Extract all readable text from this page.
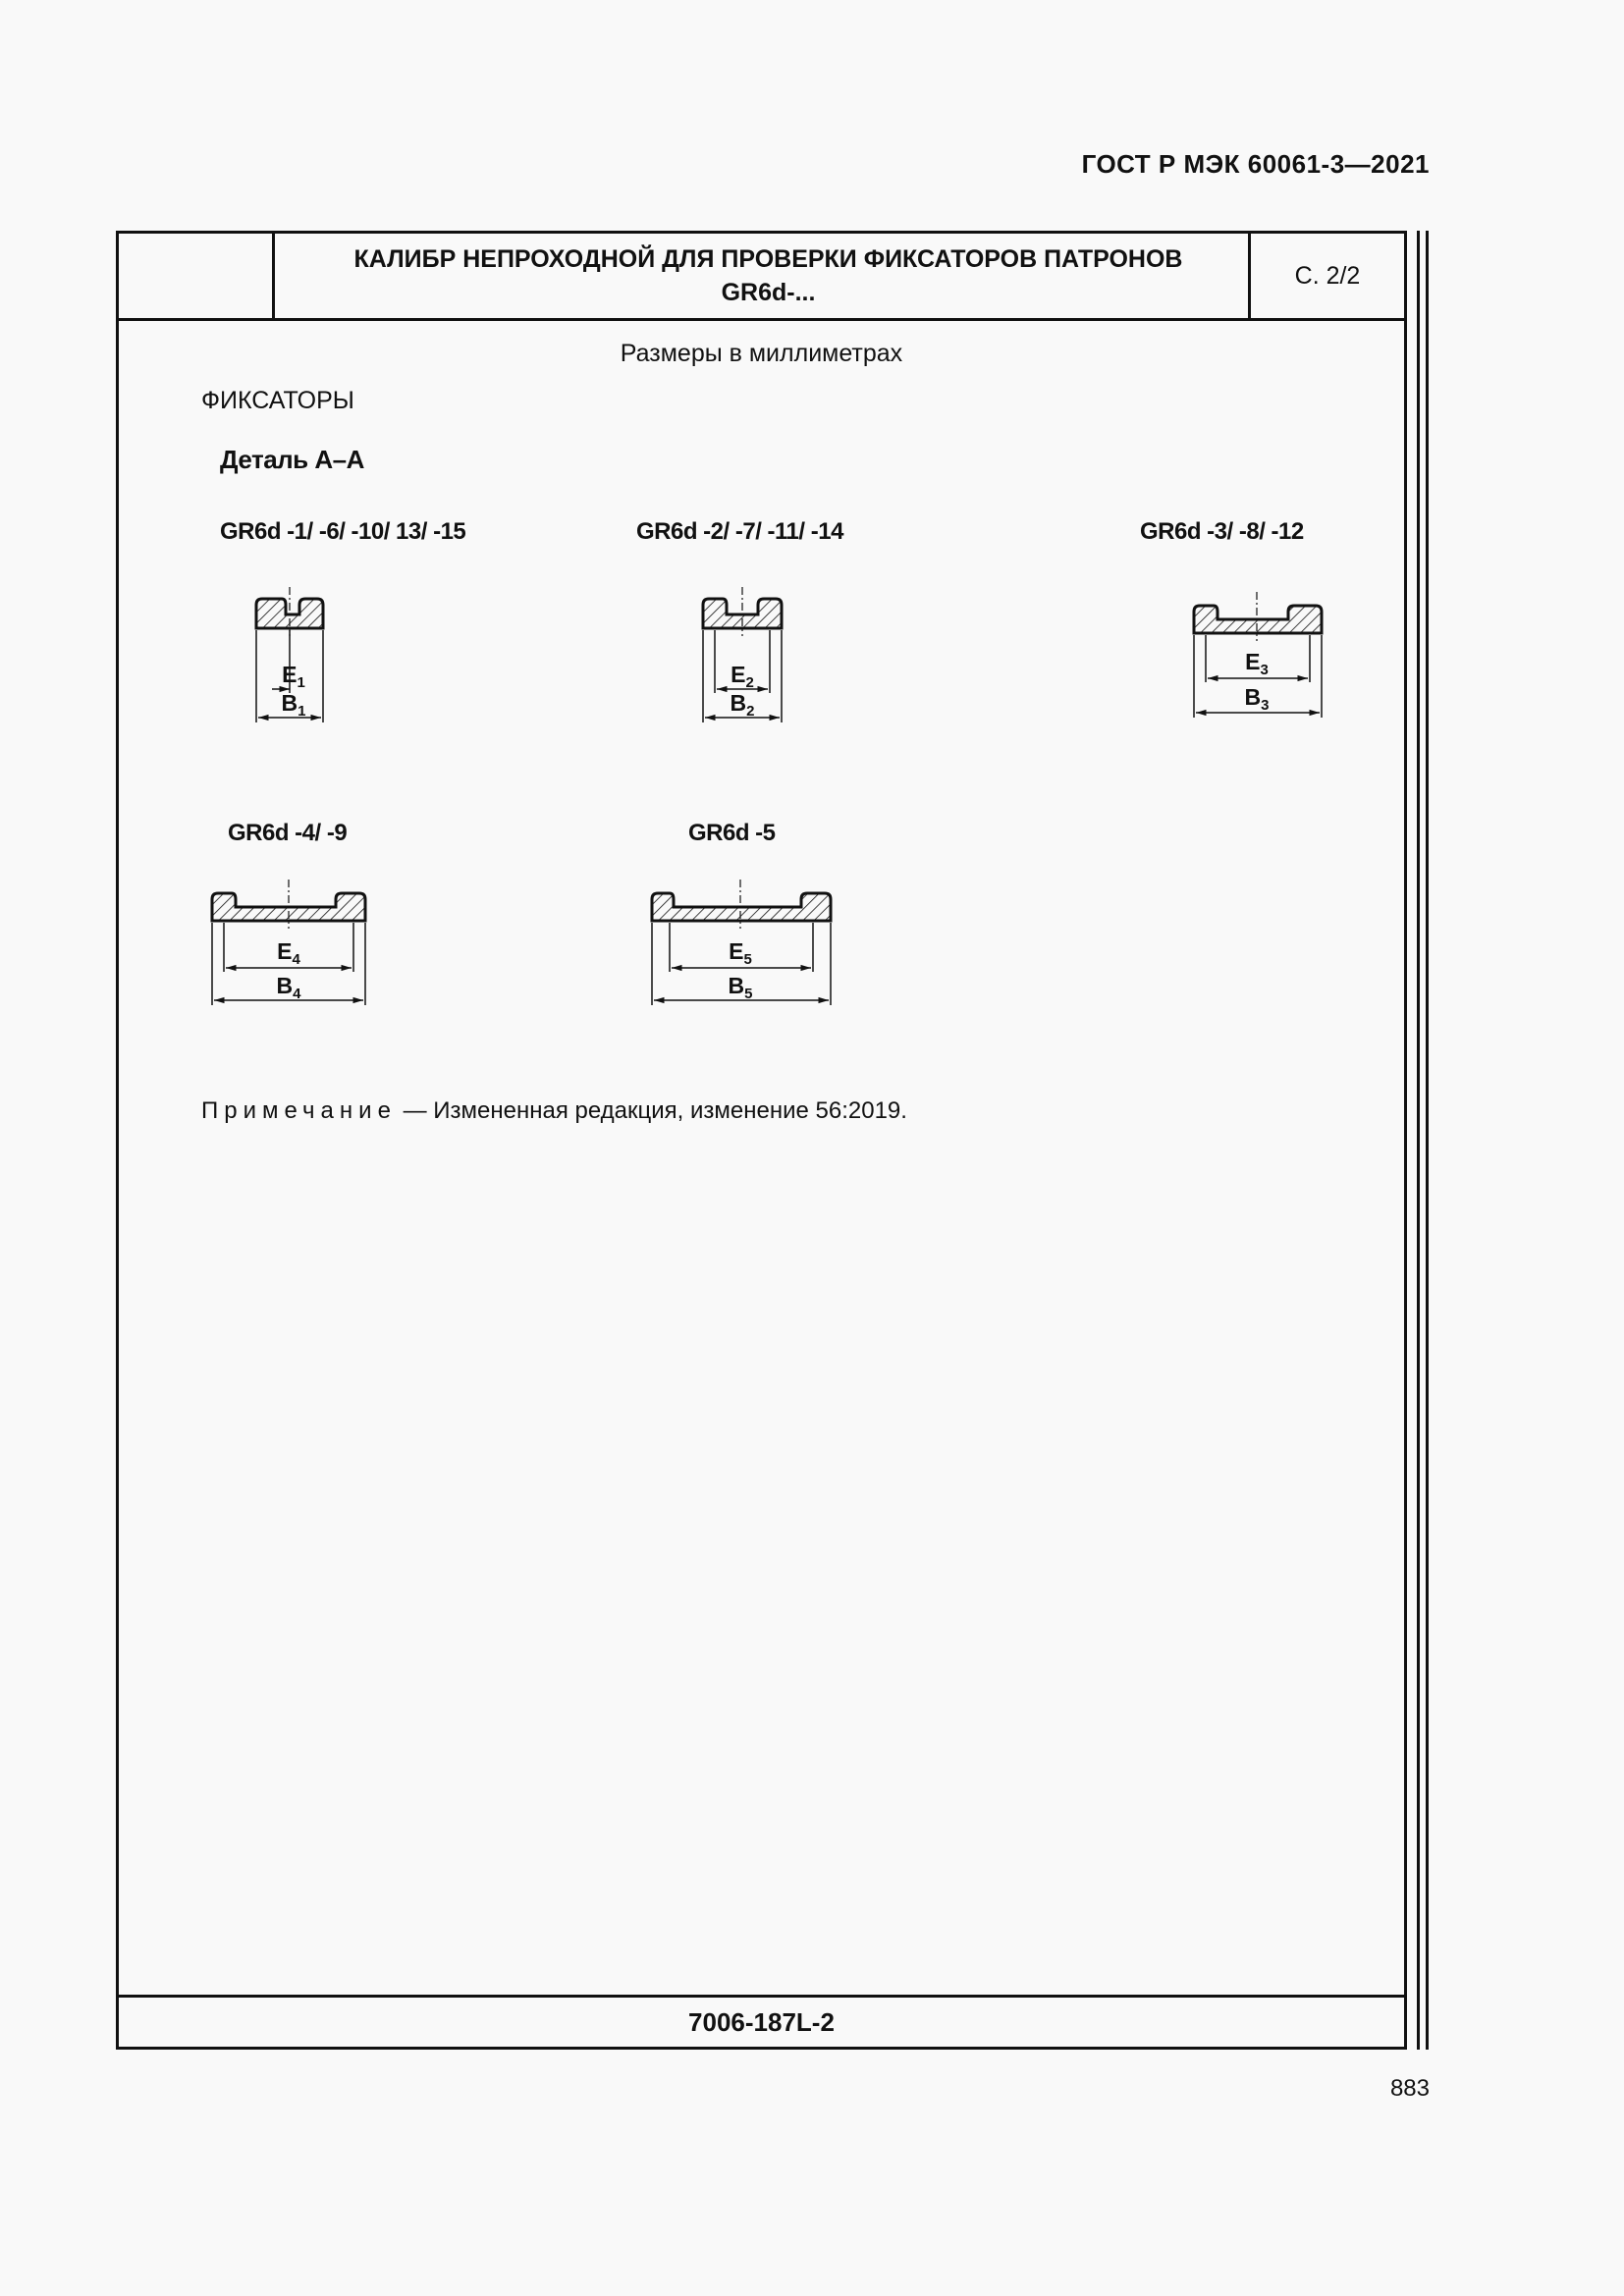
ГОСТ Р МЭК 60061-3—2021
КАЛИБР НЕПРОХОДНОЙ ДЛЯ ПРОВЕРКИ ФИКСАТОРОВ ПАТРОНОВ
GR6d-...
С. 2/2
Размеры в миллиметрах
ФИКСАТОРЫ
Деталь А–А
GR6d -1/ -6/ -10/ 13/ -15
$E_1$
$B_1$
GR6d -2/ -7/ -11/ -14
$E_2$
$B_2$
GR6d -3/ -8/ -12
$E_3$
$B_3$
GR6d -4/ -9
$E_4$
$B_4$
GR6d -5
$E_5$
$B_5$
Примечание — Измененная редакция, изменение 56:2019.
7006-187L-2
883
